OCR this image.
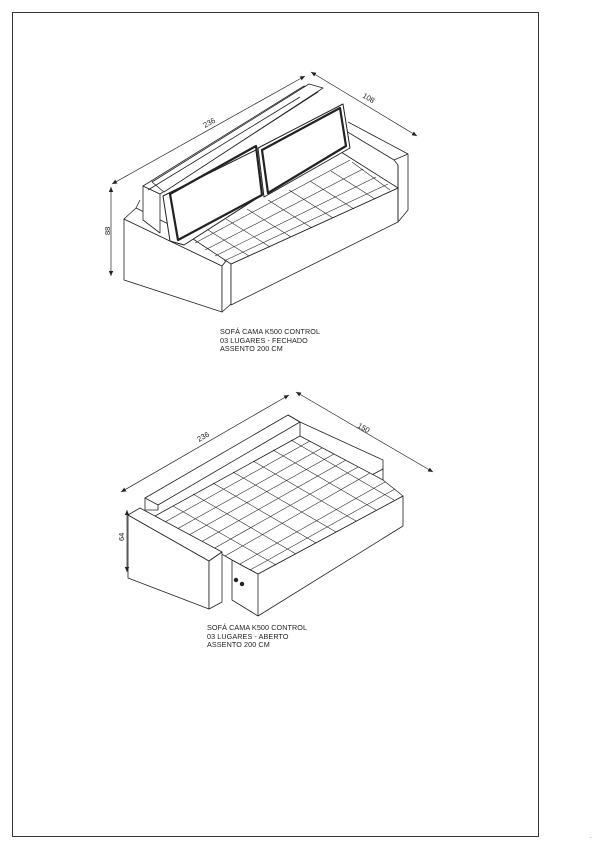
.
236
108
88
236
150
64
SOFÁ CAMA K500 CONTROL
03 LUGARES - FECHADO
ASSENTO 200 CM
SOFÁ CAMA K500 CONTROL
03 LUGARES - ABERTO
ASSENTO 200 CM
